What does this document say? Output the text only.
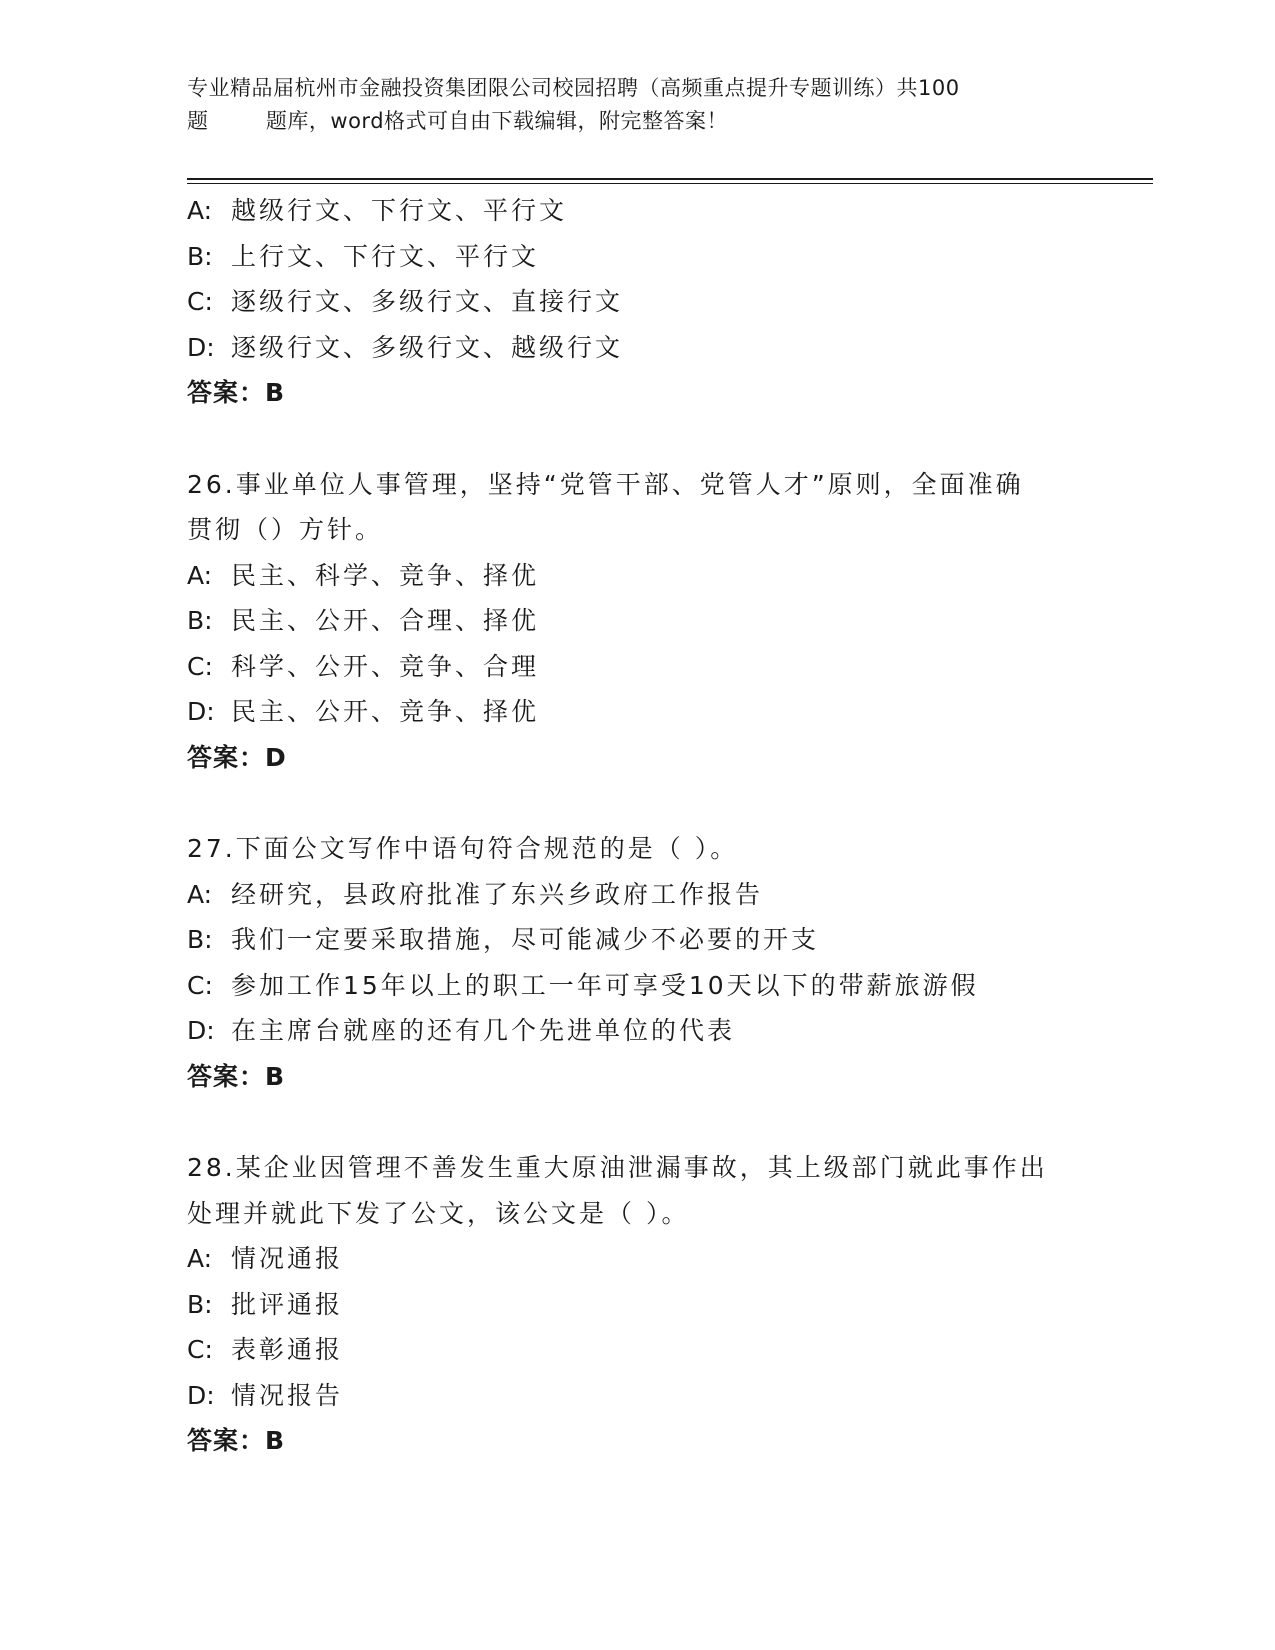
专业精品届杭州市金融投资集团限公司校园招聘（高频重点提升专题训练）共100
题        题库，word格式可自由下载编辑，附完整答案！
A: 越级行文、下行文、平行文
B: 上行文、下行文、平行文
C: 逐级行文、多级行文、直接行文
D: 逐级行文、多级行文、越级行文
答案：B
26.事业单位人事管理，坚持“党管干部、党管人才”原则，全面准确
贯彻（）方针。
A: 民主、科学、竞争、择优
B: 民主、公开、合理、择优
C: 科学、公开、竞争、合理
D: 民主、公开、竞争、择优
答案：D
27.下面公文写作中语句符合规范的是（ ）。
A: 经研究，县政府批准了东兴乡政府工作报告
B: 我们一定要采取措施，尽可能减少不必要的开支
C: 参加工作15年以上的职工一年可享受10天以下的带薪旅游假
D: 在主席台就座的还有几个先进单位的代表
答案：B
28.某企业因管理不善发生重大原油泄漏事故，其上级部门就此事作出
处理并就此下发了公文，该公文是（ ）。
A: 情况通报
B: 批评通报
C: 表彰通报
D: 情况报告
答案：B
